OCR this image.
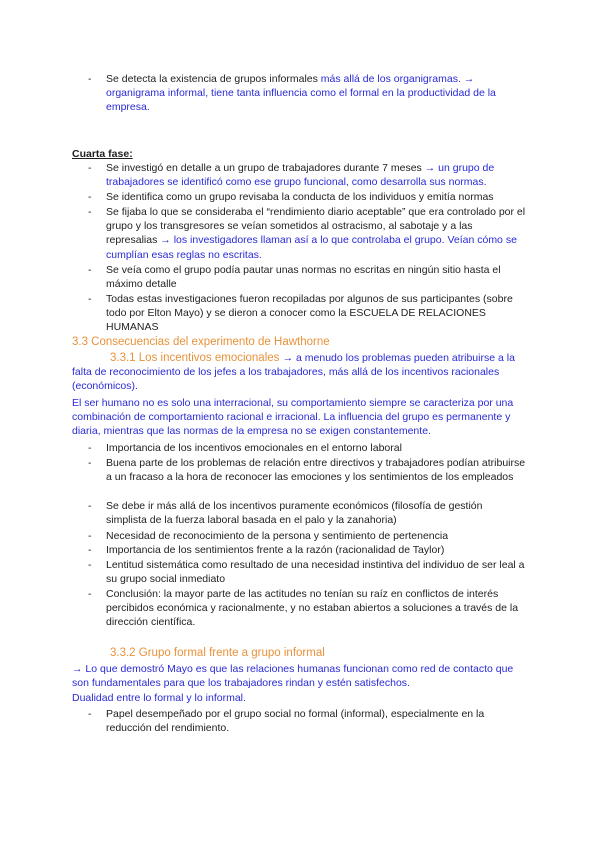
- Se detecta la existencia de grupos informales más allá de los organigramas. → organigrama informal, tiene tanta influencia como el formal en la productividad de la empresa.
Cuarta fase:
- Se investigó en detalle a un grupo de trabajadores durante 7 meses → un grupo de trabajadores se identificó como ese grupo funcional, como desarrolla sus normas.
- Se identifica como un grupo revisaba la conducta de los individuos y emitía normas
- Se fijaba lo que se consideraba el “rendimiento diario aceptable” que era controlado por el grupo y los transgresores se veían sometidos al ostracismo, al sabotaje y a las represalias → los investigadores llaman así a lo que controlaba el grupo. Veían cómo se cumplían esas reglas no escritas.
- Se veía como el grupo podía pautar unas normas no escritas en ningún sitio hasta el máximo detalle
- Todas estas investigaciones fueron recopiladas por algunos de sus participantes (sobre todo por Elton Mayo) y se dieron a conocer como la ESCUELA DE RELACIONES HUMANAS
3.3 Consecuencias del experimento de Hawthorne
3.3.1 Los incentivos emocionales → a menudo los problemas pueden atribuirse a la falta de reconocimiento de los jefes a los trabajadores, más allá de los incentivos racionales (económicos).
El ser humano no es solo una interracional, su comportamiento siempre se caracteriza por una combinación de comportamiento racional e irracional. La influencia del grupo es permanente y diaria, mientras que las normas de la empresa no se exigen constantemente.
- Importancia de los incentivos emocionales en el entorno laboral
- Buena parte de los problemas de relación entre directivos y trabajadores podían atribuirse a un fracaso a la hora de reconocer las emociones y los sentimientos de los empleados
- Se debe ir más allá de los incentivos puramente económicos (filosofía de gestión simplista de la fuerza laboral basada en el palo y la zanahoria)
- Necesidad de reconocimiento de la persona y sentimiento de pertenencia
- Importancia de los sentimientos frente a la razón (racionalidad de Taylor)
- Lentitud sistemática como resultado de una necesidad instintiva del individuo de ser leal a su grupo social inmediato
- Conclusión: la mayor parte de las actitudes no tenían su raíz en conflictos de interés percibidos económica y racionalmente, y no estaban abiertos a soluciones a través de la dirección científica.
3.3.2 Grupo formal frente a grupo informal
→ Lo que demostró Mayo es que las relaciones humanas funcionan como red de contacto que son fundamentales para que los trabajadores rindan y estén satisfechos.
Dualidad entre lo formal y lo informal.
- Papel desempeñado por el grupo social no formal (informal), especialmente en la reducción del rendimiento.
